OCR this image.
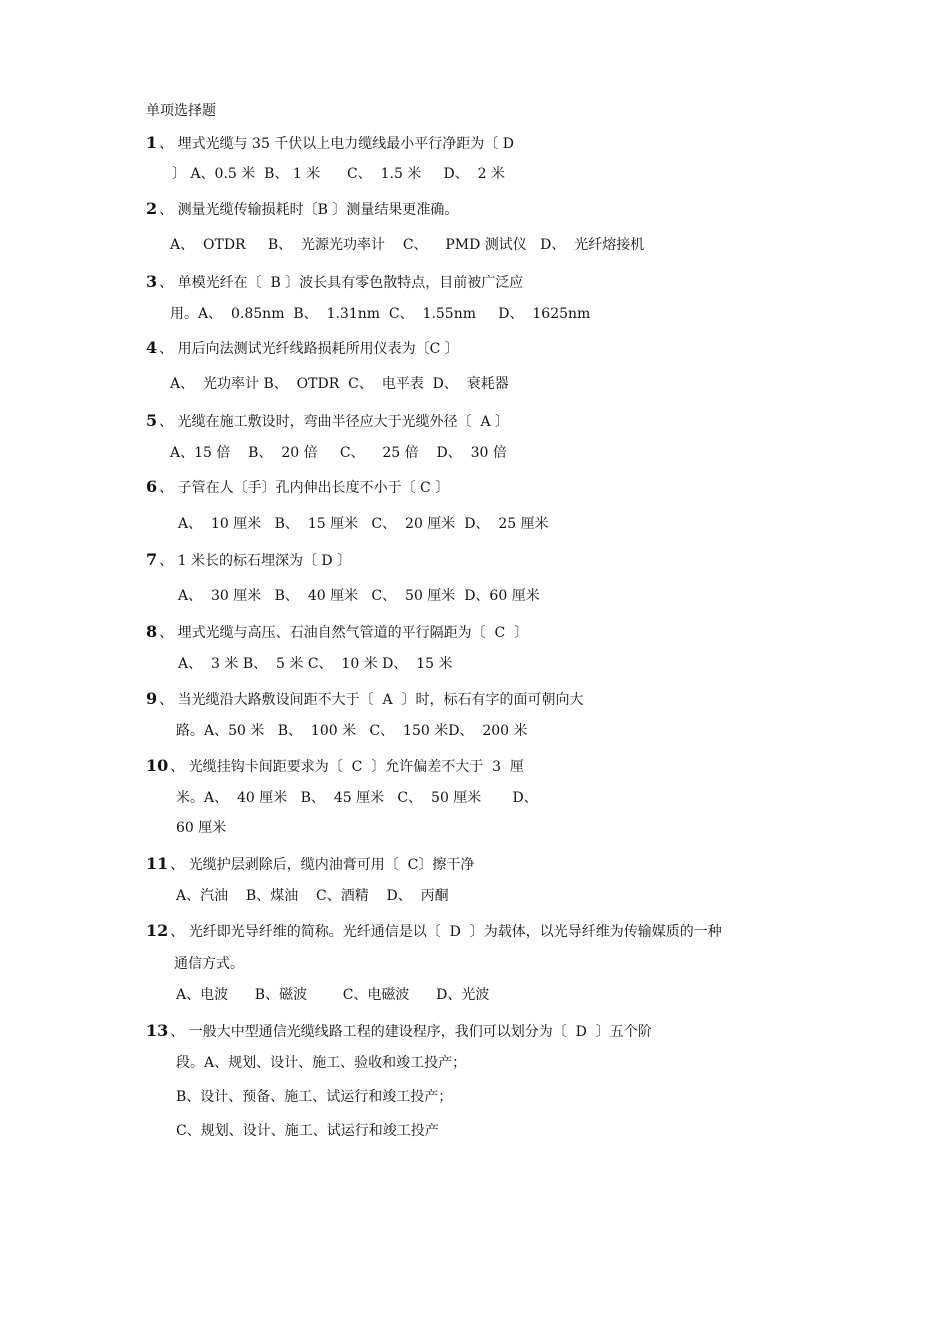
单项选择题
1 、 埋式光缆与 35 千伏以上电力缆线最小平行净距为〔 D
〕 A、0.5 米  B、 1 米      C、  1.5 米     D、  2 米
2 、 测量光缆传输损耗时〔B 〕测量结果更准确。
A、  OTDR     B、  光源光功率计    C、    PMD 测试仪   D、  光纤熔接机
3 、 单模光纤在〔  B 〕波长具有零色散特点，目前被广泛应
用。A、  0.85nm  B、  1.31nm  C、  1.55nm     D、  1625nm
4 、 用后向法测试光纤线路损耗所用仪表为〔C 〕
A、  光功率计 B、  OTDR  C、  电平表  D、  衰耗器
5 、 光缆在施工敷设时，弯曲半径应大于光缆外径〔  A 〕
A、15 倍    B、  20 倍     C、    25 倍    D、  30 倍
6 、 子管在人〔手〕孔内伸出长度不小于〔 C 〕
A、  10 厘米   B、  15 厘米   C、  20 厘米  D、  25 厘米
7 、 1 米长的标石埋深为〔 D 〕
A、  30 厘米   B、  40 厘米   C、  50 厘米  D、60 厘米
8 、 埋式光缆与高压、石油自然气管道的平行隔距为〔  C  〕
A、  3 米 B、  5 米 C、  10 米 D、  15 米
9 、 当光缆沿大路敷设间距不大于〔  A  〕时，标石有字的面可朝向大
路。A、50 米   B、  100 米   C、  150 米D、  200 米
10 、 光缆挂钩卡间距要求为〔  C  〕允许偏差不大于  3  厘
米。A、  40 厘米   B、  45 厘米   C、  50 厘米       D、
60 厘米
11 、 光缆护层剥除后，缆内油膏可用〔  C〕擦干净
A、汽油    B、煤油    C、酒精    D、  丙酮
12 、 光纤即光导纤维的简称。光纤通信是以〔  D  〕为载体，以光导纤维为传输媒质的一种
通信方式。
A、电波      B、磁波        C、电磁波      D、光波
13 、 一般大中型通信光缆线路工程的建设程序，我们可以划分为〔  D  〕五个阶
段。A、规划、设计、施工、验收和竣工投产；
B、设计、预备、施工、试运行和竣工投产；
C、规划、设计、施工、试运行和竣工投产
